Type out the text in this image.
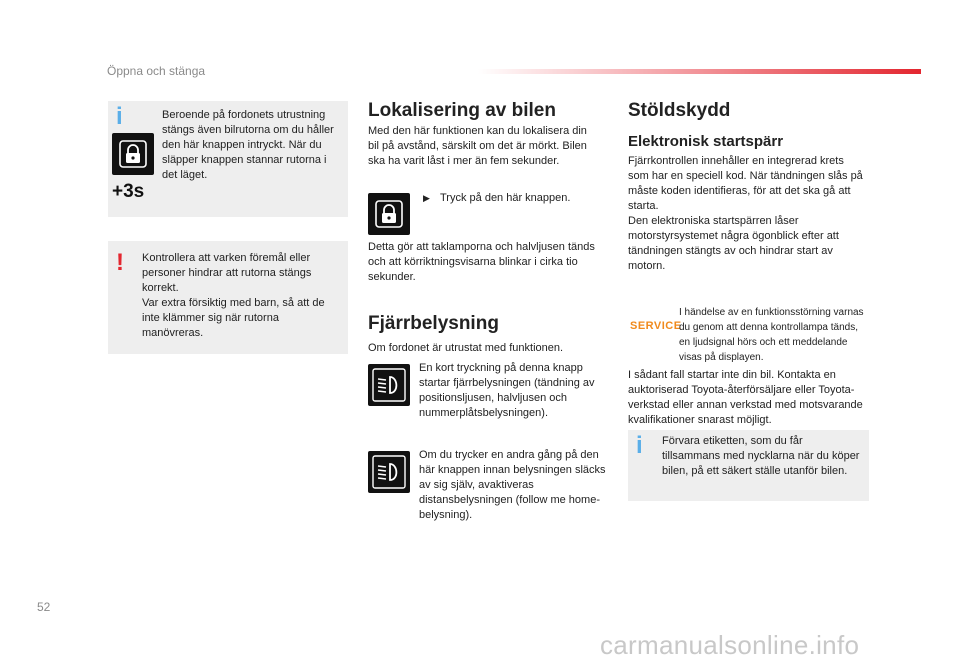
Öppna och stänga
i
+3s
Beroende på fordonets utrustning stängs även bilrutorna om du håller den här knappen intryckt. När du släpper knappen stannar rutorna i det läget.
! Kontrollera att varken föremål eller personer hindrar att rutorna stängs korrekt.
Var extra försiktig med barn, så att de inte klämmer sig när rutorna manövreras.
Lokalisering av bilen
Med den här funktionen kan du lokalisera din bil på avstånd, särskilt om det är mörkt. Bilen ska ha varit låst i mer än fem sekunder.
▶ Tryck på den här knappen.
Detta gör att taklamporna och halvljusen tänds och att körriktningsvisarna blinkar i cirka tio sekunder.
Fjärrbelysning
Om fordonet är utrustat med funktionen.
En kort tryckning på denna knapp startar fjärrbelysningen (tändning av positionsljusen, halvljusen och nummerplåtsbelysningen).
Om du trycker en andra gång på den här knappen innan belysningen släcks av sig själv, avaktiveras distansbelysningen (follow me home-belysning).
Stöldskydd
Elektronisk startspärr
Fjärrkontrollen innehåller en integrerad krets som har en speciell kod. När tändningen slås på måste koden identifieras, för att det ska gå att starta.
Den elektroniska startspärren låser motorstyrsystemet några ögonblick efter att tändningen stängts av och hindrar start av motorn.
SERVICE
I händelse av en funktionsstörning varnas du genom att denna kontrollampa tänds, en ljudsignal hörs och ett meddelande visas på displayen.
I sådant fall startar inte din bil. Kontakta en auktoriserad Toyota-återförsäljare eller Toyota-verkstad eller annan verkstad med motsvarande kvalifikationer snarast möjligt.
i Förvara etiketten, som du får tillsammans med nycklarna när du köper bilen, på ett säkert ställe utanför bilen.
52
carmanualsonline.info
